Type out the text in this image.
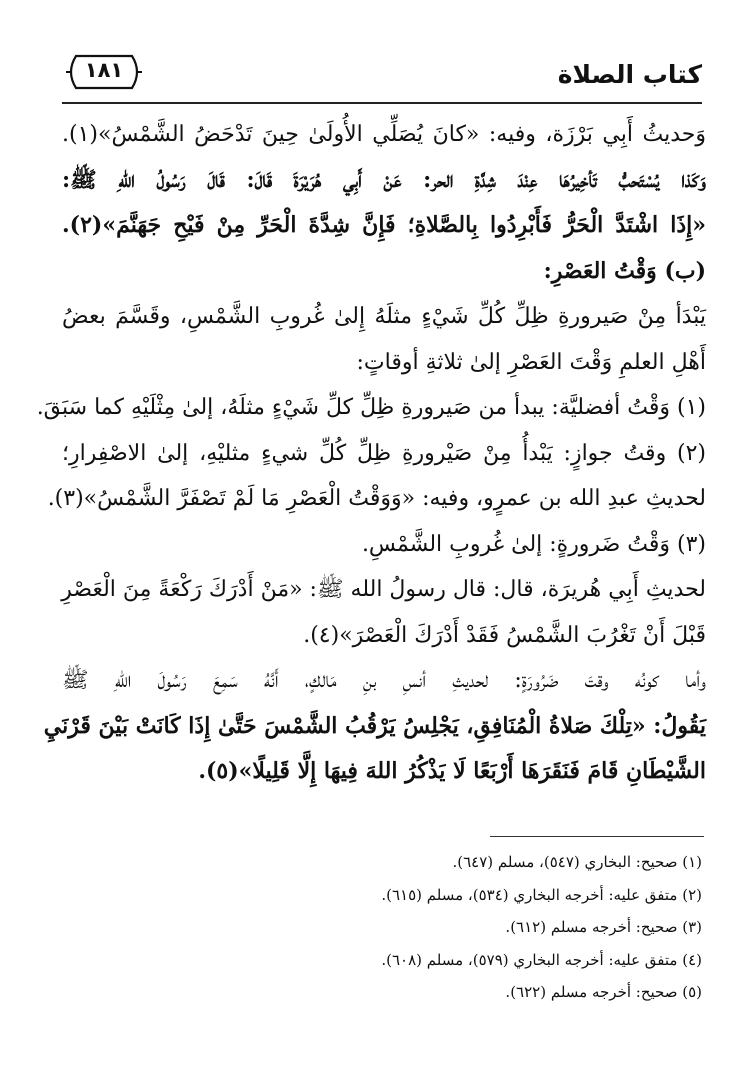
كتاب الصلاة
١٨١
وَحديثُ أَبِي بَرْزَة، وفيه: «كانَ يُصَلِّي الأُولَىٰ حِينَ تَدْحَضُ الشَّمْسُ»(١).
وَكَذا يُسْتَحبُّ تَأخِيرُهَا عِنْدَ شِدَّةِ الحر: عَنْ أَبِي هُرَيْرَةَ قَالَ: قَالَ رَسُولُ اللهِ ﷺ:
«إِذَا اشْتَدَّ الْحَرُّ فَأَبْرِدُوا بِالصَّلاةِ؛ فَإِنَّ شِدَّةَ الْحَرِّ مِنْ فَيْحِ جَهَنَّمَ»(٢).
(ب) وَقْتُ العَصْرِ:
يَبْدَأ مِنْ صَيرورةِ ظِلِّ كُلِّ شَيْءٍ مثلَهُ إِلىٰ غُروبِ الشَّمْسِ، وقَسَّمَ بعضُ
أَهْلِ العلمِ وَقْتَ العَصْرِ إلىٰ ثلاثةِ أوقاتٍ:
(١) وَقْتُ أفضليَّة: يبدأ من صَيرورةِ ظِلِّ كلِّ شَيْءٍ مثلَهُ، إلىٰ مِثْلَيْهِ كما سَبَقَ.
(٢) وقتُ جوازٍ: يَبْدأُ مِنْ صَيْرورةِ ظِلِّ كُلِّ شيءٍ مثليْهِ، إلىٰ الاصْفِرارِ؛
لحديثِ عبدِ الله بن عمرٍو، وفيه: «وَوَقْتُ الْعَصْرِ مَا لَمْ تَصْفَرَّ الشَّمْسُ»(٣).
(٣) وَقْتُ ضَرورةٍ: إلىٰ غُروبِ الشَّمْسِ.
لحديثِ أَبِي هُريرَة، قال: قال رسولُ الله ﷺ: «مَنْ أَدْرَكَ رَكْعَةً مِنَ الْعَصْرِ
قَبْلَ أَنْ تَغْرُبَ الشَّمْسُ فَقَدْ أَدْرَكَ الْعَصْرَ»(٤).
وأما كونُه وقتَ ضَرُورَةٍ: لحديثِ أنسِ بنِ مَالكٍ، أَنَّهُ سَمِعَ رَسُولَ اللهِ ﷺ
يَقُولُ: «تِلْكَ صَلاةُ الْمُنَافِقِ، يَجْلِسُ يَرْقُبُ الشَّمْسَ حَتَّىٰ إِذَا كَانَتْ بَيْنَ قَرْنَيِ
الشَّيْطَانِ قَامَ فَنَقَرَهَا أَرْبَعًا لَا يَذْكُرُ اللهَ فِيهَا إِلَّا قَلِيلًا»(٥).
(١) صحيح: البخاري (٥٤٧)، مسلم (٦٤٧).
(٢) متفق عليه: أخرجه البخاري (٥٣٤)، مسلم (٦١٥).
(٣) صحيح: أخرجه مسلم (٦١٢).
(٤) متفق عليه: أخرجه البخاري (٥٧٩)، مسلم (٦٠٨).
(٥) صحيح: أخرجه مسلم (٦٢٢).
